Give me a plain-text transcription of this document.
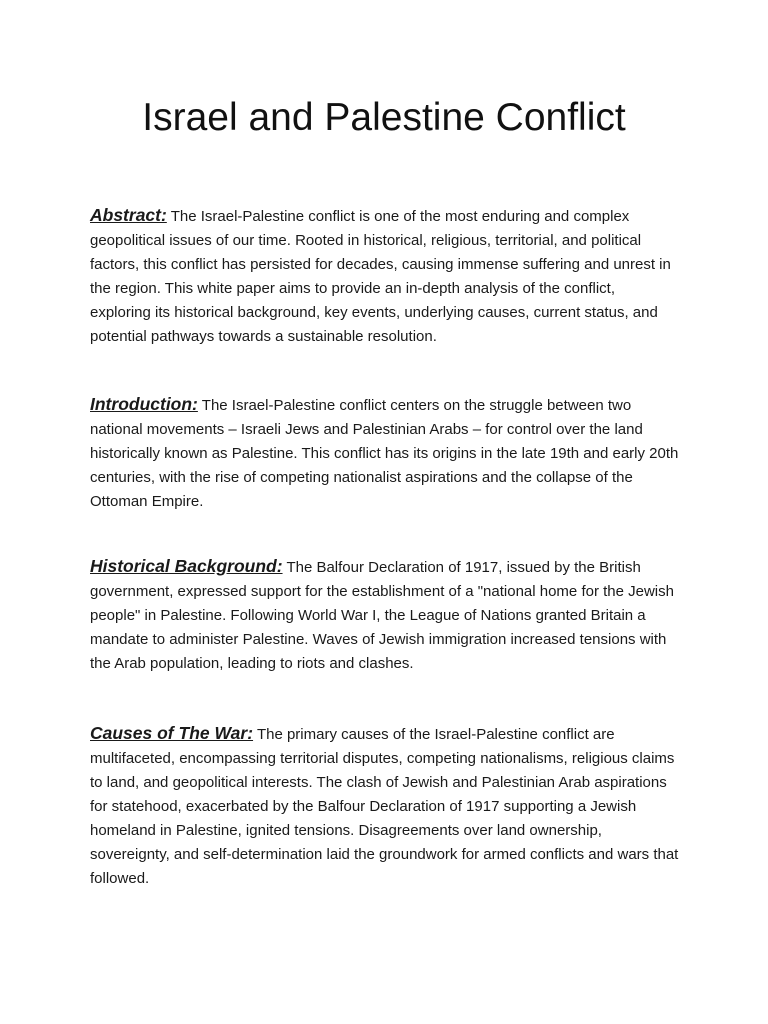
Israel and Palestine Conflict

Abstract: The Israel-Palestine conflict is one of the most enduring and complex geopolitical issues of our time. Rooted in historical, religious, territorial, and political factors, this conflict has persisted for decades, causing immense suffering and unrest in the region. This white paper aims to provide an in-depth analysis of the conflict, exploring its historical background, key events, underlying causes, current status, and potential pathways towards a sustainable resolution.

Introduction: The Israel-Palestine conflict centers on the struggle between two national movements – Israeli Jews and Palestinian Arabs – for control over the land historically known as Palestine. This conflict has its origins in the late 19th and early 20th centuries, with the rise of competing nationalist aspirations and the collapse of the Ottoman Empire.

Historical Background: The Balfour Declaration of 1917, issued by the British government, expressed support for the establishment of a "national home for the Jewish people" in Palestine. Following World War I, the League of Nations granted Britain a mandate to administer Palestine. Waves of Jewish immigration increased tensions with the Arab population, leading to riots and clashes.

Causes of The War: The primary causes of the Israel-Palestine conflict are multifaceted, encompassing territorial disputes, competing nationalisms, religious claims to land, and geopolitical interests. The clash of Jewish and Palestinian Arab aspirations for statehood, exacerbated by the Balfour Declaration of 1917 supporting a Jewish homeland in Palestine, ignited tensions. Disagreements over land ownership, sovereignty, and self-determination laid the groundwork for armed conflicts and wars that followed.
